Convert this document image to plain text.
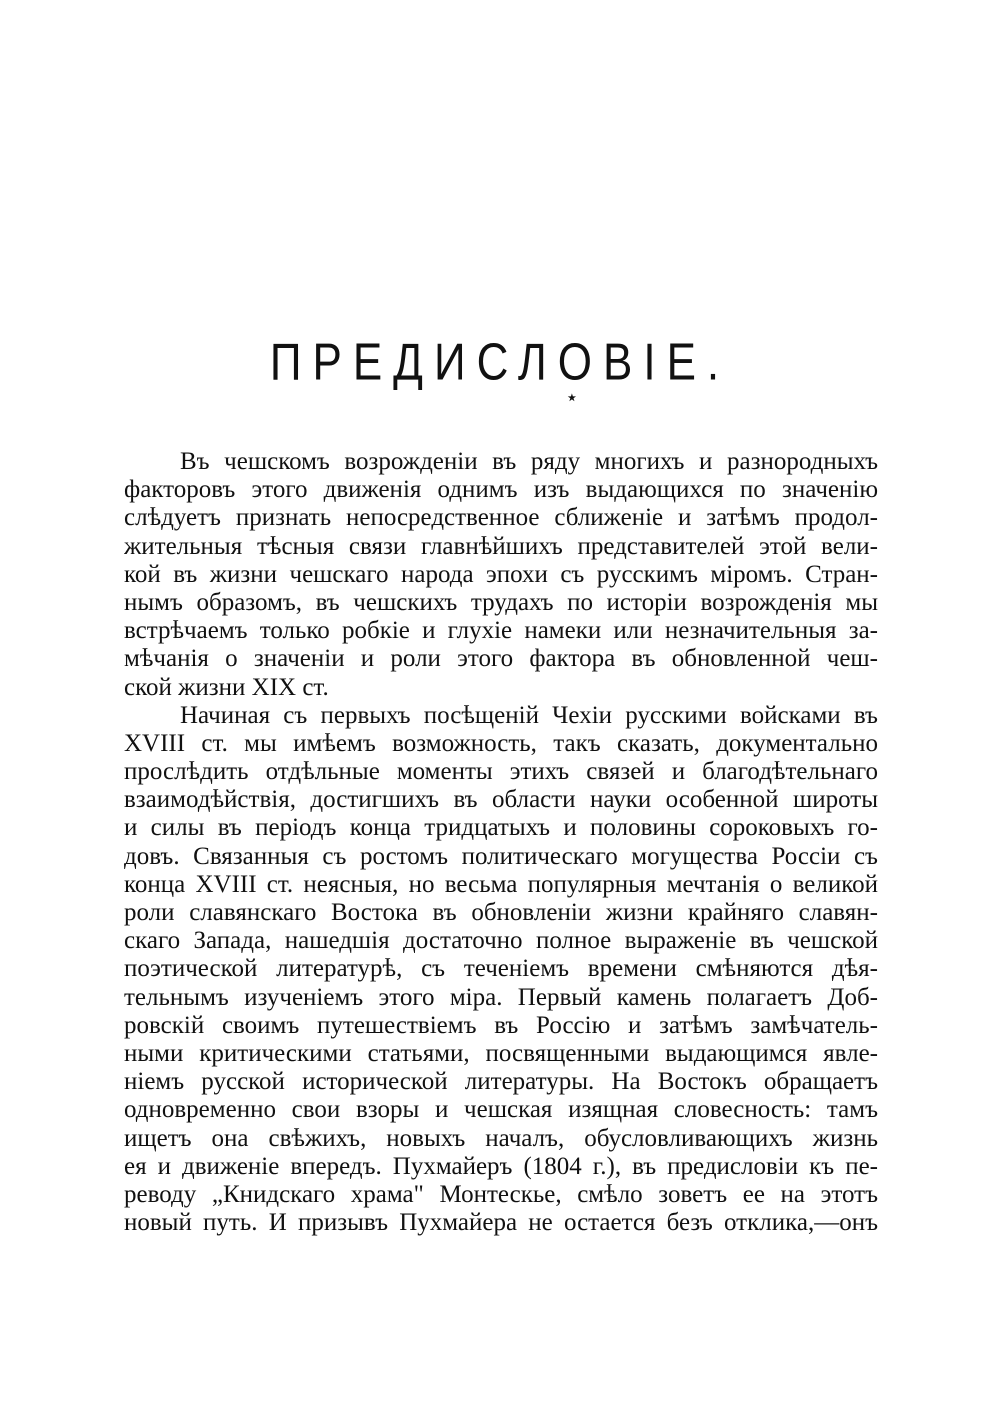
ПРЕДИСЛОВІЕ.
٭
Въ чешскомъ возрожденіи въ ряду многихъ и разнородныхъ
факторовъ этого движенія однимъ изъ выдающихся по значенію
слѣдуетъ признать непосредственное сближеніе и затѣмъ продол-
жительныя тѣсныя связи главнѣйшихъ представителей этой вели-
кой въ жизни чешскаго народа эпохи съ русскимъ міромъ. Стран-
нымъ образомъ, въ чешскихъ трудахъ по исторіи возрожденія мы
встрѣчаемъ только робкіе и глухіе намеки или незначительныя за-
мѣчанія о значеніи и роли этого фактора въ обновленной чеш-
ской жизни XIX ст.
Начиная съ первыхъ посѣщеній Чехіи русскими войсками въ
XVIII ст. мы имѣемъ возможность, такъ сказать, документально
прослѣдить отдѣльные моменты этихъ связей и благодѣтельнаго
взаимодѣйствія, достигшихъ въ области науки особенной широты
и силы въ періодъ конца тридцатыхъ и половины сороковыхъ го-
довъ. Связанныя съ ростомъ политическаго могущества Россіи съ
конца XVIII ст. неясныя, но весьма популярныя мечтанія о великой
роли славянскаго Востока въ обновленіи жизни крайняго славян-
скаго Запада, нашедшія достаточно полное выраженіе въ чешской
поэтической литературѣ, съ теченіемъ времени смѣняются дѣя-
тельнымъ изученіемъ этого міра. Первый камень полагаетъ Доб-
ровскій своимъ путешествіемъ въ Россію и затѣмъ замѣчатель-
ными критическими статьями, посвященными выдающимся явле-
ніемъ русской исторической литературы. На Востокъ обращаетъ
одновременно свои взоры и чешская изящная словесность: тамъ
ищетъ она свѣжихъ, новыхъ началъ, обусловливающихъ жизнь
ея и движеніе впередъ. Пухмайеръ (1804 г.), въ предисловіи къ пе-
реводу „Книдскаго храма" Монтескье, смѣло зоветъ ее на этотъ
новый путь. И призывъ Пухмайера не остается безъ отклика,—онъ
